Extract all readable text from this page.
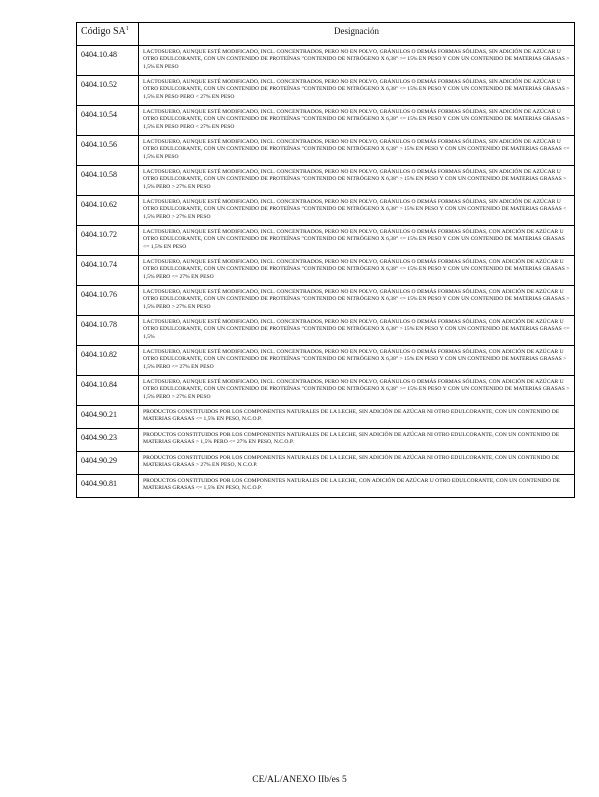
Código $SA^1$	Designación
0404.10.48	LACTOSUERO, AUNQUE ESTÉ MODIFICADO, INCL. CONCENTRADOS, PERO NO EN POLVO, GRÁNULOS O DEMÁS FORMAS SÓLIDAS, SIN ADICIÓN DE AZÚCAR U OTRO EDULCORANTE, CON UN CONTENIDO DE PROTEÍNAS "CONTENIDO DE NITRÓGENO X 6,38" >= 15% EN PESO Y CON UN CONTENIDO DE MATERIAS GRASAS > 1,5% EN PESO
0404.10.52	LACTOSUERO, AUNQUE ESTÉ MODIFICADO, INCL. CONCENTRADOS, PERO NO EN POLVO, GRÁNULOS O DEMÁS FORMAS SÓLIDAS, SIN ADICIÓN DE AZÚCAR U OTRO EDULCORANTE, CON UN CONTENIDO DE PROTEÍNAS "CONTENIDO DE NITRÓGENO X 6,38" <= 15% EN PESO Y CON UN CONTENIDO DE MATERIAS GRASAS > 1,5% EN PESO PERO < 27% EN PESO
0404.10.54	LACTOSUERO, AUNQUE ESTÉ MODIFICADO, INCL. CONCENTRADOS, PERO NO EN POLVO, GRÁNULOS O DEMÁS FORMAS SÓLIDAS, SIN ADICIÓN DE AZÚCAR U OTRO EDULCORANTE, CON UN CONTENIDO DE PROTEÍNAS "CONTENIDO DE NITRÓGENO X 6,38" <= 15% EN PESO Y CON UN CONTENIDO DE MATERIAS GRASAS > 1,5% EN PESO PERO < 27% EN PESO
0404.10.56	LACTOSUERO, AUNQUE ESTÉ MODIFICADO, INCL. CONCENTRADOS, PERO NO EN POLVO, GRÁNULOS O DEMÁS FORMAS SÓLIDAS, SIN ADICIÓN DE AZÚCAR U OTRO EDULCORANTE, CON UN CONTENIDO DE PROTEÍNAS "CONTENIDO DE NITRÓGENO X 6,38" > 15% EN PESO Y CON UN CONTENIDO DE MATERIAS GRASAS <= 1,5% EN PESO
0404.10.58	LACTOSUERO, AUNQUE ESTÉ MODIFICADO, INCL. CONCENTRADOS, PERO NO EN POLVO, GRÁNULOS O DEMÁS FORMAS SÓLIDAS, SIN ADICIÓN DE AZÚCAR U OTRO EDULCORANTE, CON UN CONTENIDO DE PROTEÍNAS "CONTENIDO DE NITRÓGENO X 6,38" > 15% EN PESO Y CON UN CONTENIDO DE MATERIAS GRASAS > 1,5% PERO > 27% EN PESO
0404.10.62	LACTOSUERO, AUNQUE ESTÉ MODIFICADO, INCL. CONCENTRADOS, PERO NO EN POLVO, GRÁNULOS O DEMÁS FORMAS SÓLIDAS, SIN ADICIÓN DE AZÚCAR U OTRO EDULCORANTE, CON UN CONTENIDO DE PROTEÍNAS "CONTENIDO DE NITRÓGENO X 6,38" > 15% EN PESO Y CON UN CONTENIDO DE MATERIAS GRASAS < 1,5% PERO > 27% EN PESO
0404.10.72	LACTOSUERO, AUNQUE ESTÉ MODIFICADO, INCL. CONCENTRADOS, PERO NO EN POLVO, GRÁNULOS O DEMÁS FORMAS SÓLIDAS, CON ADICIÓN DE AZÚCAR U OTRO EDULCORANTE, CON UN CONTENIDO DE PROTEÍNAS "CONTENIDO DE NITRÓGENO X 6,38" <= 15% EN PESO Y CON UN CONTENIDO DE MATERIAS GRASAS <= 1,5% EN PESO
0404.10.74	LACTOSUERO, AUNQUE ESTÉ MODIFICADO, INCL. CONCENTRADOS, PERO NO EN POLVO, GRÁNULOS O DEMÁS FORMAS SÓLIDAS, CON ADICIÓN DE AZÚCAR U OTRO EDULCORANTE, CON UN CONTENIDO DE PROTEÍNAS "CONTENIDO DE NITRÓGENO X 6,38" <= 15% EN PESO Y CON UN CONTENIDO DE MATERIAS GRASAS > 1,5% PERO <= 27% EN PESO
0404.10.76	LACTOSUERO, AUNQUE ESTÉ MODIFICADO, INCL. CONCENTRADOS, PERO NO EN POLVO, GRÁNULOS O DEMÁS FORMAS SÓLIDAS, CON ADICIÓN DE AZÚCAR U OTRO EDULCORANTE, CON UN CONTENIDO DE PROTEÍNAS "CONTENIDO DE NITRÓGENO X 6,38" <= 15% EN PESO Y CON UN CONTENIDO DE MATERIAS GRASAS > 1,5% PERO > 27% EN PESO
0404.10.78	LACTOSUERO, AUNQUE ESTÉ MODIFICADO, INCL. CONCENTRADOS, PERO NO EN POLVO, GRÁNULOS O DEMÁS FORMAS SÓLIDAS, CON ADICIÓN DE AZÚCAR U OTRO EDULCORANTE, CON UN CONTENIDO DE PROTEÍNAS "CONTENIDO DE NITRÓGENO X 6,38" > 15% EN PESO Y CON UN CONTENIDO DE MATERIAS GRASAS <= 1,5%
0404.10.82	LACTOSUERO, AUNQUE ESTÉ MODIFICADO, INCL. CONCENTRADOS, PERO NO EN POLVO, GRÁNULOS O DEMÁS FORMAS SÓLIDAS, CON ADICIÓN DE AZÚCAR U OTRO EDULCORANTE, CON UN CONTENIDO DE PROTEÍNAS "CONTENIDO DE NITRÓGENO X 6,38" > 15% EN PESO Y CON UN CONTENIDO DE MATERIAS GRASAS > 1,5% PERO <= 27% EN PESO
0404.10.84	LACTOSUERO, AUNQUE ESTÉ MODIFICADO, INCL. CONCENTRADOS, PERO NO EN POLVO, GRÁNULOS O DEMÁS FORMAS SÓLIDAS, CON ADICIÓN DE AZÚCAR U OTRO EDULCORANTE, CON UN CONTENIDO DE PROTEÍNAS "CONTENIDO DE NITRÓGENO X 6,38" >= 15% EN PESO Y CON UN CONTENIDO DE MATERIAS GRASAS > 1,5% PERO > 27% EN PESO
0404.90.21	PRODUCTOS CONSTITUIDOS POR LOS COMPONENTES NATURALES DE LA LECHE, SIN ADICIÓN DE AZÚCAR NI OTRO EDULCORANTE, CON UN CONTENIDO DE MATERIAS GRASAS <= 1,5% EN PESO, N.C.O.P.
0404.90.23	PRODUCTOS CONSTITUIDOS POR LOS COMPONENTES NATURALES DE LA LECHE, SIN ADICIÓN DE AZÚCAR NI OTRO EDULCORANTE, CON UN CONTENIDO DE MATERIAS GRASAS > 1,5% PERO <= 27% EN PESO, N.C.O.P.
0404.90.29	PRODUCTOS CONSTITUIDOS POR LOS COMPONENTES NATURALES DE LA LECHE, SIN ADICIÓN DE AZÚCAR NI OTRO EDULCORANTE, CON UN CONTENIDO DE MATERIAS GRASAS > 27% EN PESO, N.C.O.P.
0404.90.81	PRODUCTOS CONSTITUIDOS POR LOS COMPONENTES NATURALES DE LA LECHE, CON ADICIÓN DE AZÚCAR U OTRO EDULCORANTE, CON UN CONTENIDO DE MATERIAS GRASAS <= 1,5% EN PESO, N.C.O.P.
CE/AL/ANEXO IIb/es 5
